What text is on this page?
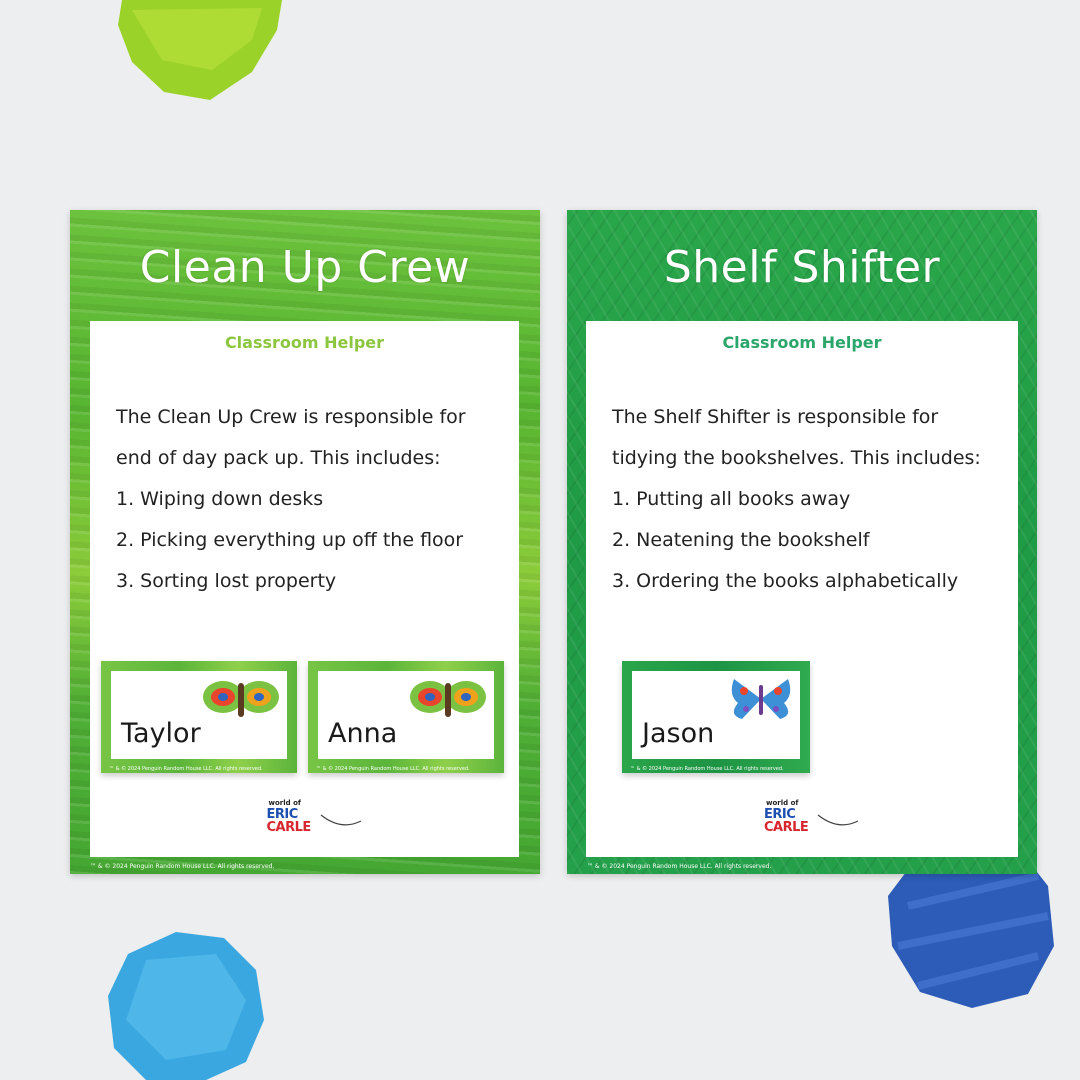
Clean Up Crew
Classroom Helper
The Clean Up Crew is responsible for
end of day pack up. This includes:
1. Wiping down desks
2. Picking everything up off the floor
3. Sorting lost property
Taylor
™ & © 2024 Penguin Random House LLC. All rights reserved.
Anna
™ & © 2024 Penguin Random House LLC. All rights reserved.
world of
ERIC
CARLE
™ & © 2024 Penguin Random House LLC. All rights reserved.
Shelf Shifter
Classroom Helper
The Shelf Shifter is responsible for
tidying the bookshelves. This includes:
1. Putting all books away
2. Neatening the bookshelf
3. Ordering the books alphabetically
Jason
™ & © 2024 Penguin Random House LLC. All rights reserved.
world of
ERIC
CARLE
™ & © 2024 Penguin Random House LLC. All rights reserved.
